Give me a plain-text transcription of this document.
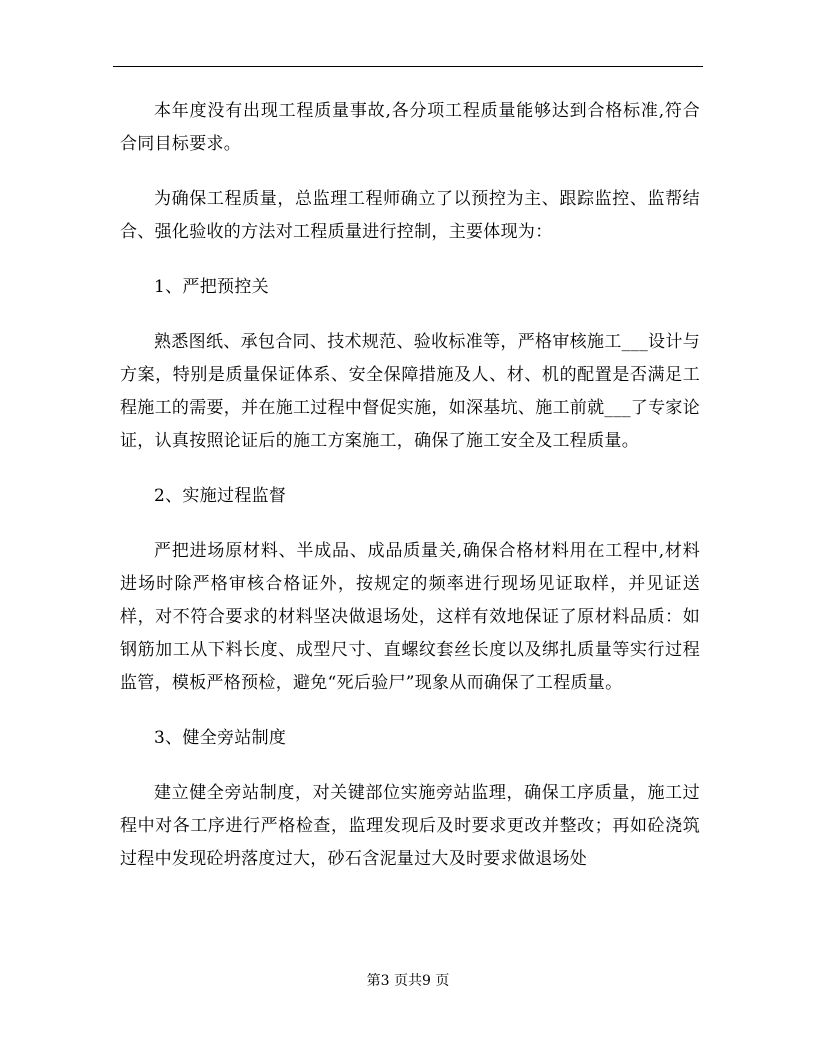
本年度没有出现工程质量事故,各分项工程质量能够达到合格标准,符合合同目标要求。

为确保工程质量，总监理工程师确立了以预控为主、跟踪监控、监帮结合、强化验收的方法对工程质量进行控制，主要体现为：

1、严把预控关

熟悉图纸、承包合同、技术规范、验收标准等，严格审核施工___设计与方案，特别是质量保证体系、安全保障措施及人、材、机的配置是否满足工程施工的需要，并在施工过程中督促实施，如深基坑、施工前就___了专家论证，认真按照论证后的施工方案施工，确保了施工安全及工程质量。

2、实施过程监督

严把进场原材料、半成品、成品质量关,确保合格材料用在工程中,材料进场时除严格审核合格证外，按规定的频率进行现场见证取样，并见证送样，对不符合要求的材料坚决做退场处，这样有效地保证了原材料品质：如钢筋加工从下料长度、成型尺寸、直螺纹套丝长度以及绑扎质量等实行过程监管，模板严格预检，避免“死后验尸”现象从而确保了工程质量。

3、健全旁站制度

建立健全旁站制度，对关键部位实施旁站监理，确保工序质量，施工过程中对各工序进行严格检查，监理发现后及时要求更改并整改；再如砼浇筑过程中发现砼坍落度过大，砂石含泥量过大及时要求做退场处

第3 页共9 页
